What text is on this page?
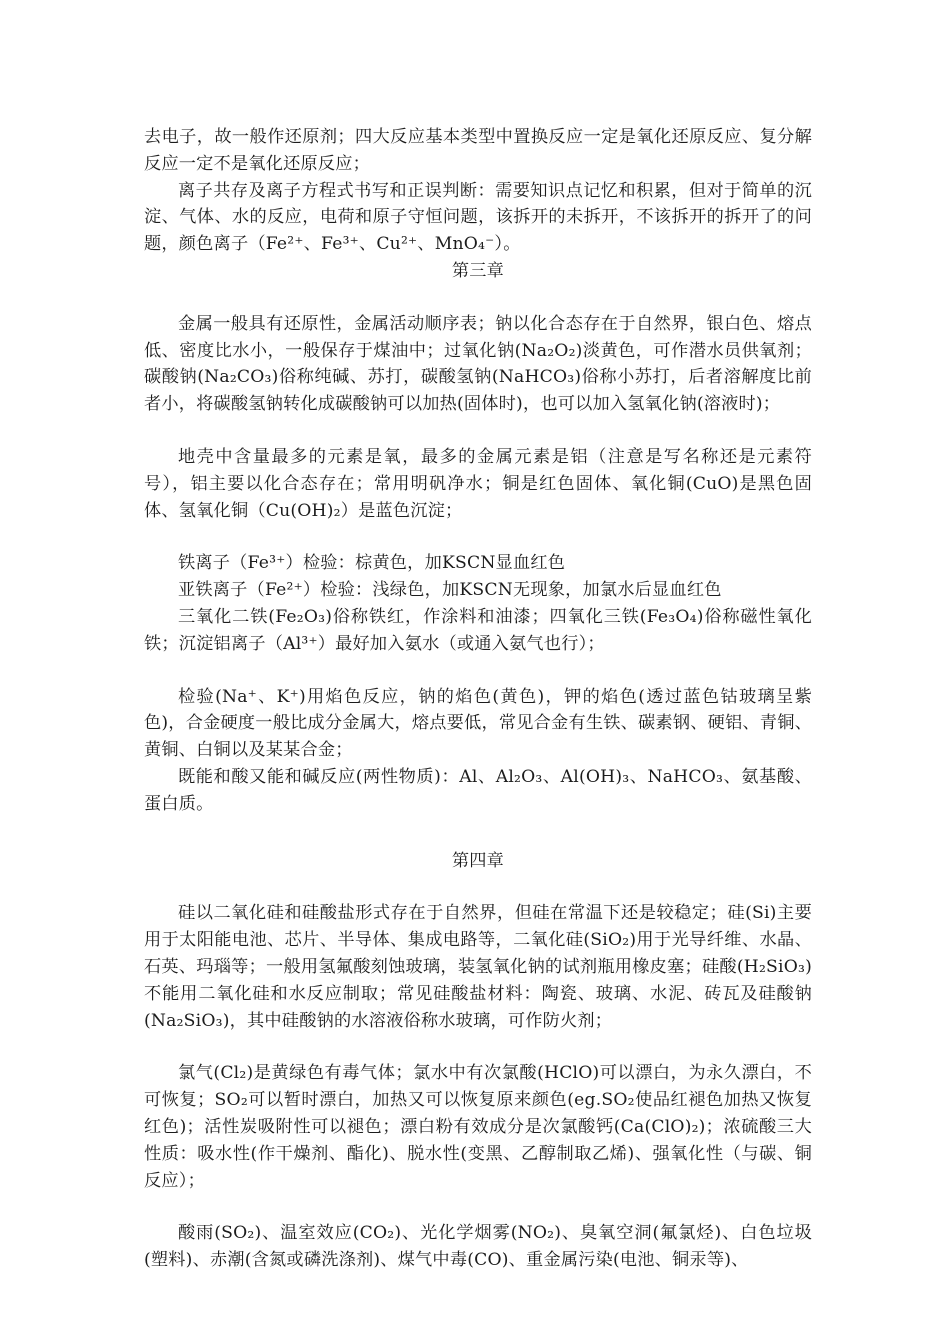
去电子，故一般作还原剂；四大反应基本类型中置换反应一定是氧化还原反应、复分解反应一定不是氧化还原反应；

离子共存及离子方程式书写和正误判断：需要知识点记忆和积累，但对于简单的沉淀、气体、水的反应，电荷和原子守恒问题，该拆开的未拆开，不该拆开的拆开了的问题，颜色离子（Fe²⁺、Fe³⁺、Cu²⁺、MnO₄⁻）。

第三章

金属一般具有还原性，金属活动顺序表；钠以化合态存在于自然界，银白色、熔点低、密度比水小，一般保存于煤油中；过氧化钠(Na₂O₂)淡黄色，可作潜水员供氧剂；碳酸钠(Na₂CO₃)俗称纯碱、苏打，碳酸氢钠(NaHCO₃)俗称小苏打，后者溶解度比前者小，将碳酸氢钠转化成碳酸钠可以加热(固体时)，也可以加入氢氧化钠(溶液时)；

地壳中含量最多的元素是氧，最多的金属元素是铝（注意是写名称还是元素符号），铝主要以化合态存在；常用明矾净水；铜是红色固体、氧化铜(CuO)是黑色固体、氢氧化铜（Cu(OH)₂）是蓝色沉淀；

铁离子（Fe³⁺）检验：棕黄色，加KSCN显血红色

亚铁离子（Fe²⁺）检验：浅绿色，加KSCN无现象，加氯水后显血红色

三氧化二铁(Fe₂O₃)俗称铁红，作涂料和油漆；四氧化三铁(Fe₃O₄)俗称磁性氧化铁；沉淀铝离子（Al³⁺）最好加入氨水（或通入氨气也行）；

检验(Na⁺、K⁺)用焰色反应，钠的焰色(黄色)，钾的焰色(透过蓝色钴玻璃呈紫色)，合金硬度一般比成分金属大，熔点要低，常见合金有生铁、碳素钢、硬铝、青铜、黄铜、白铜以及某某合金；

既能和酸又能和碱反应(两性物质)：Al、Al₂O₃、Al(OH)₃、NaHCO₃、氨基酸、蛋白质。

第四章

硅以二氧化硅和硅酸盐形式存在于自然界，但硅在常温下还是较稳定；硅(Si)主要用于太阳能电池、芯片、半导体、集成电路等，二氧化硅(SiO₂)用于光导纤维、水晶、石英、玛瑙等；一般用氢氟酸刻蚀玻璃，装氢氧化钠的试剂瓶用橡皮塞；硅酸(H₂SiO₃)不能用二氧化硅和水反应制取；常见硅酸盐材料：陶瓷、玻璃、水泥、砖瓦及硅酸钠(Na₂SiO₃)，其中硅酸钠的水溶液俗称水玻璃，可作防火剂；

氯气(Cl₂)是黄绿色有毒气体；氯水中有次氯酸(HClO)可以漂白，为永久漂白，不可恢复；SO₂可以暂时漂白，加热又可以恢复原来颜色(eg.SO₂使品红褪色加热又恢复红色)；活性炭吸附性可以褪色；漂白粉有效成分是次氯酸钙(Ca(ClO)₂)；浓硫酸三大性质：吸水性(作干燥剂、酯化)、脱水性(变黑、乙醇制取乙烯)、强氧化性（与碳、铜反应）；

酸雨(SO₂)、温室效应(CO₂)、光化学烟雾(NO₂)、臭氧空洞(氟氯烃)、白色垃圾(塑料)、赤潮(含氮或磷洗涤剂)、煤气中毒(CO)、重金属污染(电池、铜汞等)、
